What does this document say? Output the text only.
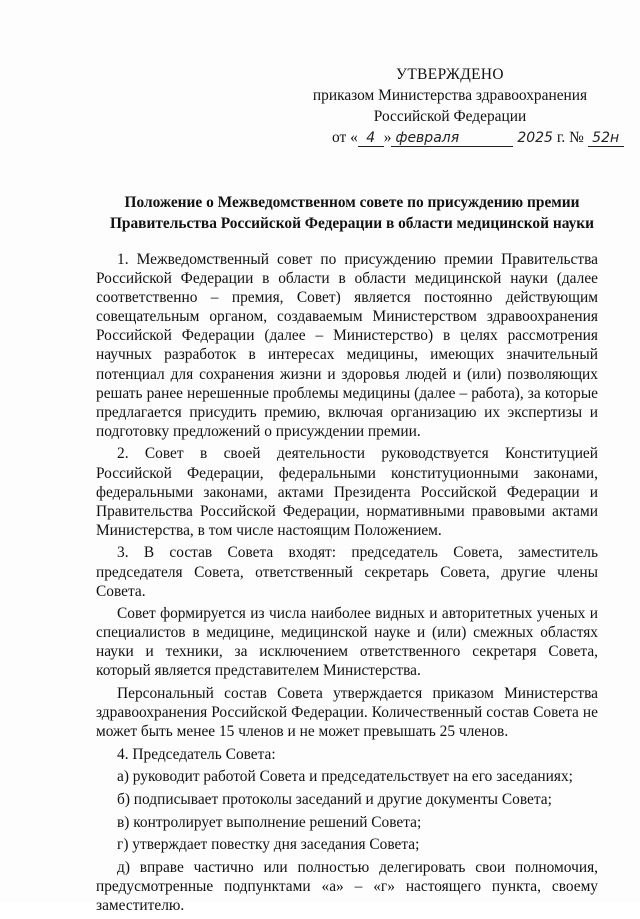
УТВЕРЖДЕНО
приказом Министерства здравоохранения
Российской Федерации
от « 4 » февраля	2025 г. № 52н
Положение о Межведомственном совете по присуждению премии
Правительства Российской Федерации в области медицинской науки

1. Межведомственный совет по присуждению премии Правительства Российской Федерации в области в области медицинской науки (далее соответственно – премия, Совет) является постоянно действующим совещательным органом, создаваемым Министерством здравоохранения Российской Федерации (далее – Министерство) в целях рассмотрения научных разработок в интересах медицины, имеющих значительный потенциал для сохранения жизни и здоровья людей и (или) позволяющих решать ранее нерешенные проблемы медицины (далее – работа), за которые предлагается присудить премию, включая организацию их экспертизы и подготовку предложений о присуждении премии.

2. Совет в своей деятельности руководствуется Конституцией Российской Федерации, федеральными конституционными законами, федеральными законами, актами Президента Российской Федерации и Правительства Российской Федерации, нормативными правовыми актами Министерства, в том числе настоящим Положением.

3. В состав Совета входят: председатель Совета, заместитель председателя Совета, ответственный секретарь Совета, другие члены Совета.

Совет формируется из числа наиболее видных и авторитетных ученых и специалистов в медицине, медицинской науке и (или) смежных областях науки и техники, за исключением ответственного секретаря Совета, который является представителем Министерства.

Персональный состав Совета утверждается приказом Министерства здравоохранения Российской Федерации. Количественный состав Совета не может быть менее 15 членов и не может превышать 25 членов.

4. Председатель Совета:

а) руководит работой Совета и председательствует на его заседаниях;

б) подписывает протоколы заседаний и другие документы Совета;

в) контролирует выполнение решений Совета;

г) утверждает повестку дня заседания Совета;

д) вправе частично или полностью делегировать свои полномочия, предусмотренные подпунктами «а» – «г» настоящего пункта, своему заместителю.
